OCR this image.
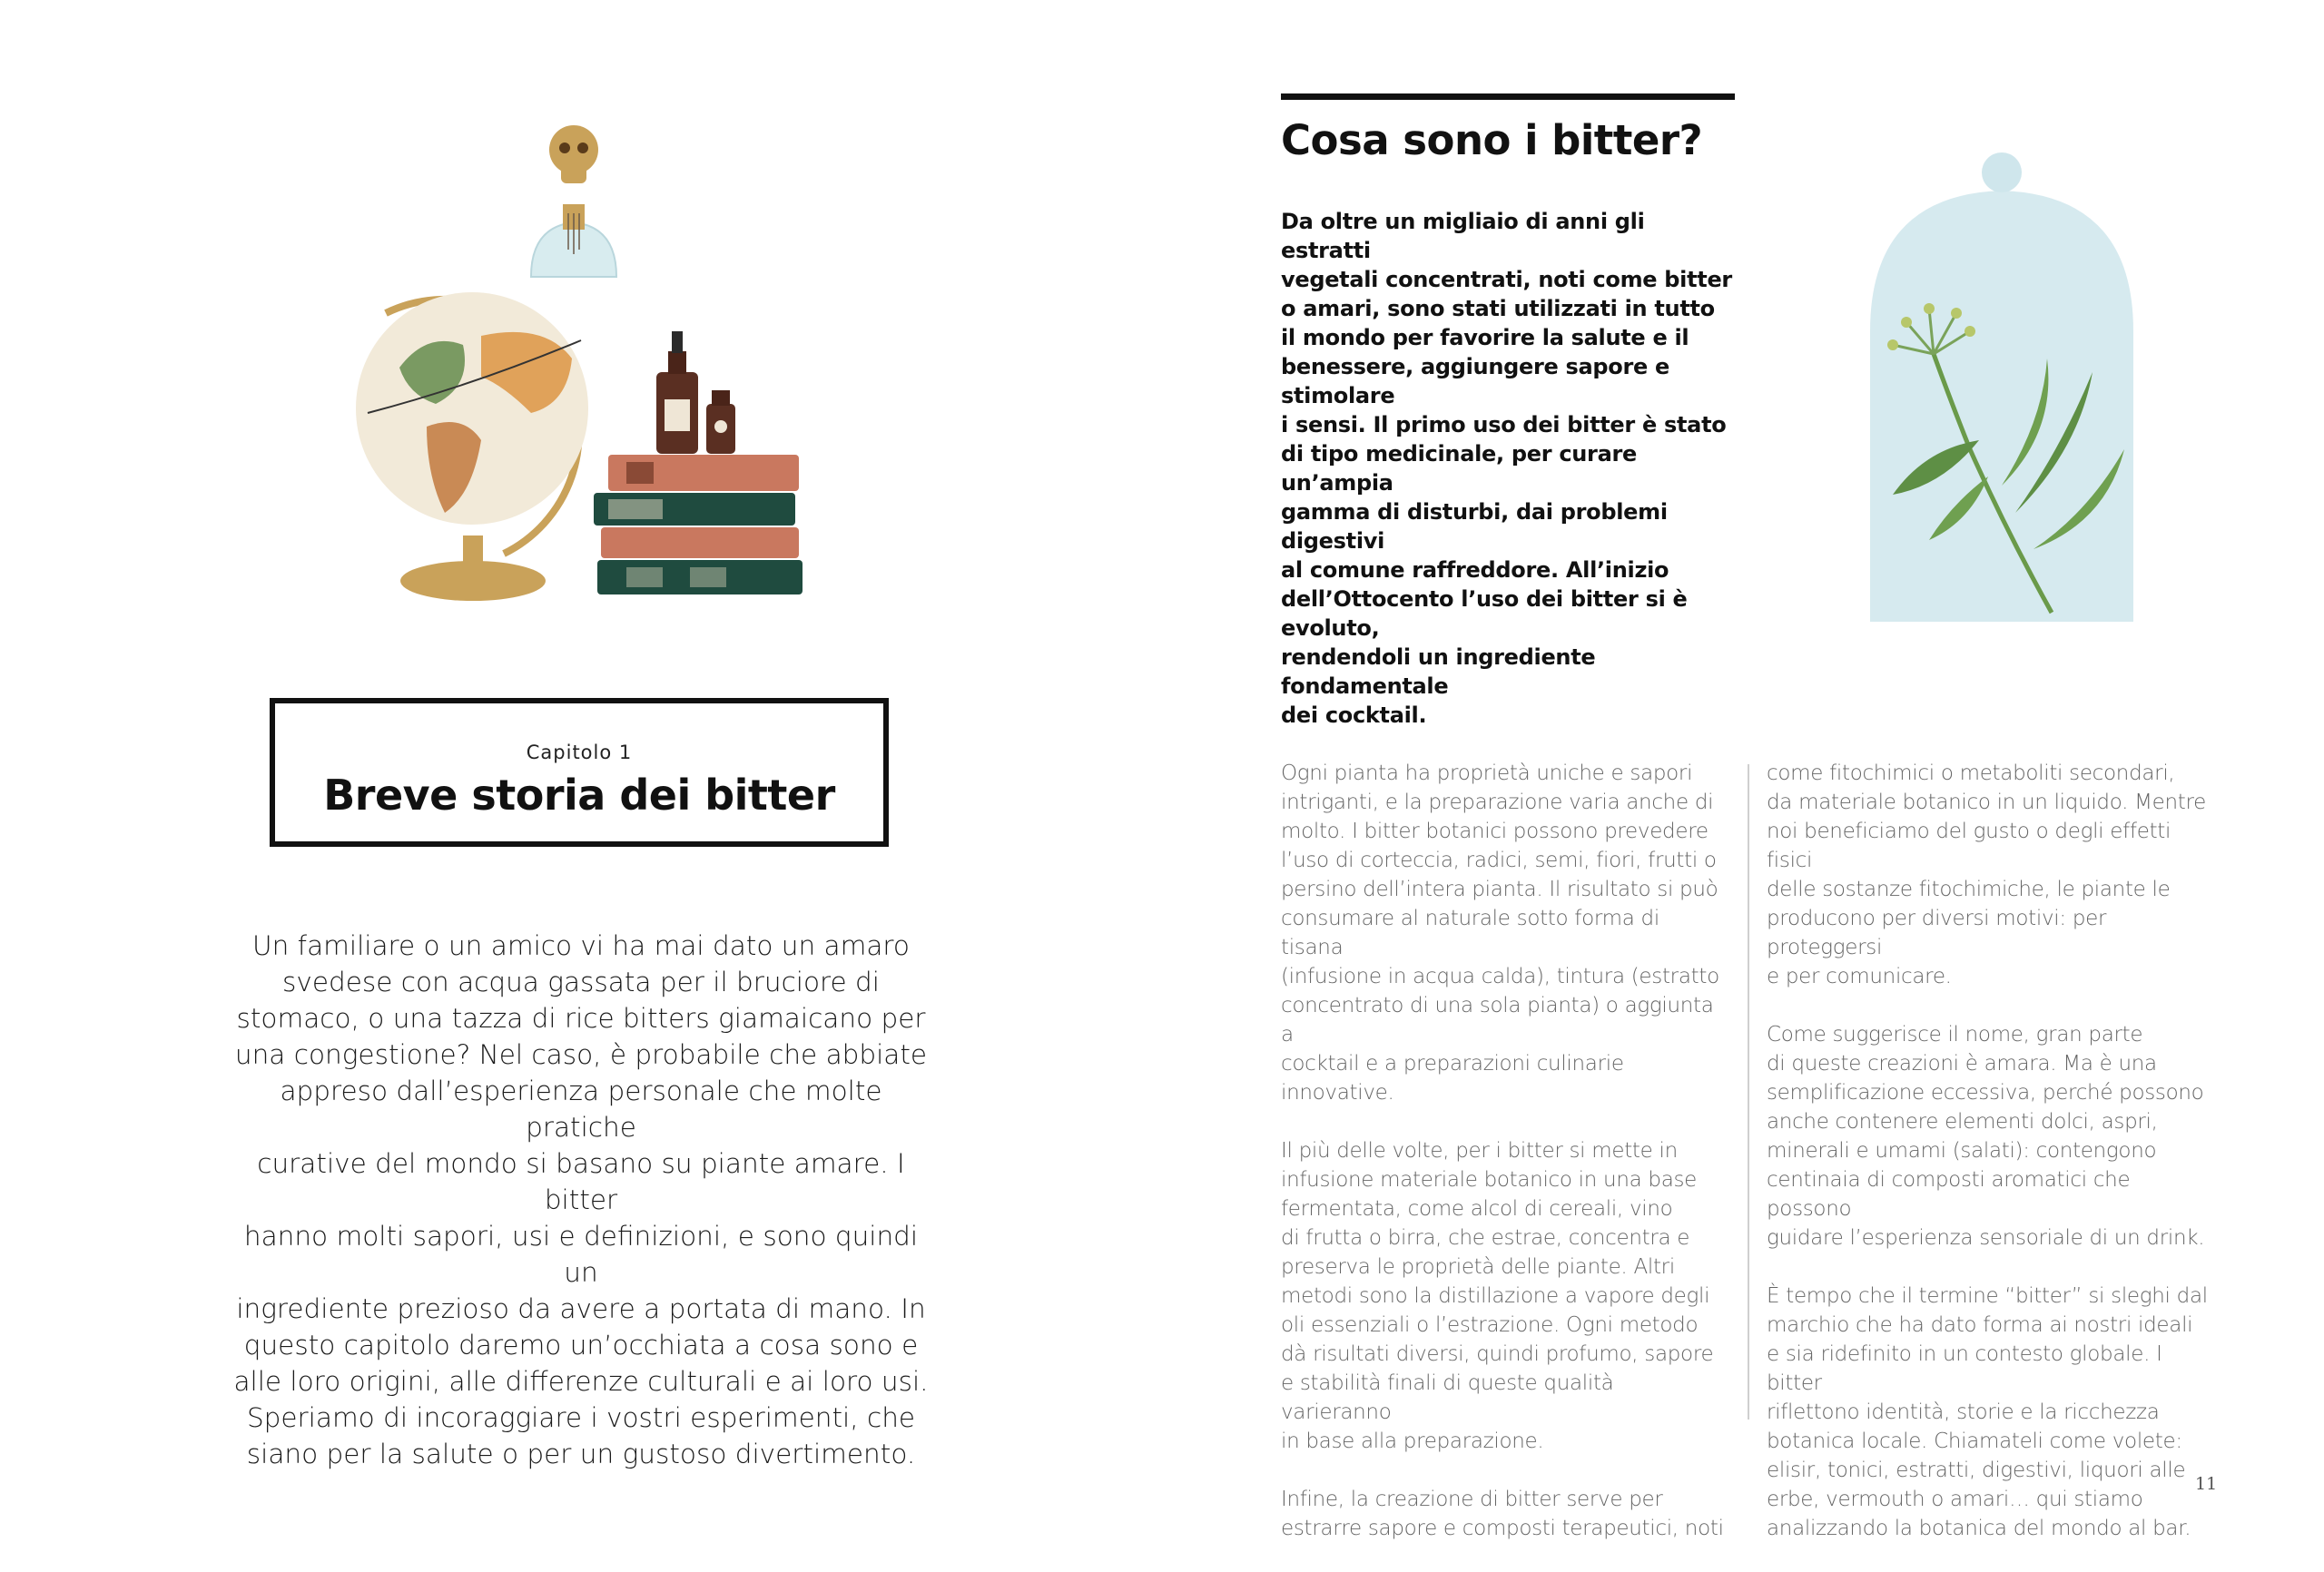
Capitolo 1
Breve storia dei bitter
Un familiare o un amico vi ha mai dato un amaro
svedese con acqua gassata per il bruciore di
stomaco, o una tazza di rice bitters giamaicano per
una congestione? Nel caso, è probabile che abbiate
appreso dall’esperienza personale che molte pratiche
curative del mondo si basano su piante amare. I bitter
hanno molti sapori, usi e definizioni, e sono quindi un
ingrediente prezioso da avere a portata di mano. In
questo capitolo daremo un’occhiata a cosa sono e
alle loro origini, alle differenze culturali e ai loro usi.
Speriamo di incoraggiare i vostri esperimenti, che
siano per la salute o per un gustoso divertimento.
Cosa sono i bitter?
Da oltre un migliaio di anni gli estratti
vegetali concentrati, noti come bitter
o amari, sono stati utilizzati in tutto
il mondo per favorire la salute e il
benessere, aggiungere sapore e stimolare
i sensi. Il primo uso dei bitter è stato
di tipo medicinale, per curare un’ampia
gamma di disturbi, dai problemi digestivi
al comune raffreddore. All’inizio
dell’Ottocento l’uso dei bitter si è evoluto,
rendendoli un ingrediente fondamentale
dei cocktail.

Ogni pianta ha proprietà uniche e sapori
intriganti, e la preparazione varia anche di
molto. I bitter botanici possono prevedere
l’uso di corteccia, radici, semi, fiori, frutti o
persino dell’intera pianta. Il risultato si può
consumare al naturale sotto forma di tisana
(infusione in acqua calda), tintura (estratto
concentrato di una sola pianta) o aggiunta a
cocktail e a preparazioni culinarie innovative.

Il più delle volte, per i bitter si mette in
infusione materiale botanico in una base
fermentata, come alcol di cereali, vino
di frutta o birra, che estrae, concentra e
preserva le proprietà delle piante. Altri
metodi sono la distillazione a vapore degli
oli essenziali o l’estrazione. Ogni metodo
dà risultati diversi, quindi profumo, sapore
e stabilità finali di queste qualità varieranno
in base alla preparazione.

Infine, la creazione di bitter serve per
estrarre sapore e composti terapeutici, noti

come fitochimici o metaboliti secondari,
da materiale botanico in un liquido. Mentre
noi beneficiamo del gusto o degli effetti fisici
delle sostanze fitochimiche, le piante le
producono per diversi motivi: per proteggersi
e per comunicare.

Come suggerisce il nome, gran parte
di queste creazioni è amara. Ma è una
semplificazione eccessiva, perché possono
anche contenere elementi dolci, aspri,
minerali e umami (salati): contengono
centinaia di composti aromatici che possono
guidare l’esperienza sensoriale di un drink.

È tempo che il termine “bitter” si sleghi dal
marchio che ha dato forma ai nostri ideali
e sia ridefinito in un contesto globale. I bitter
riflettono identità, storie e la ricchezza
botanica locale. Chiamateli come volete:
elisir, tonici, estratti, digestivi, liquori alle
erbe, vermouth o amari… qui stiamo
analizzando la botanica del mondo al bar.

11
